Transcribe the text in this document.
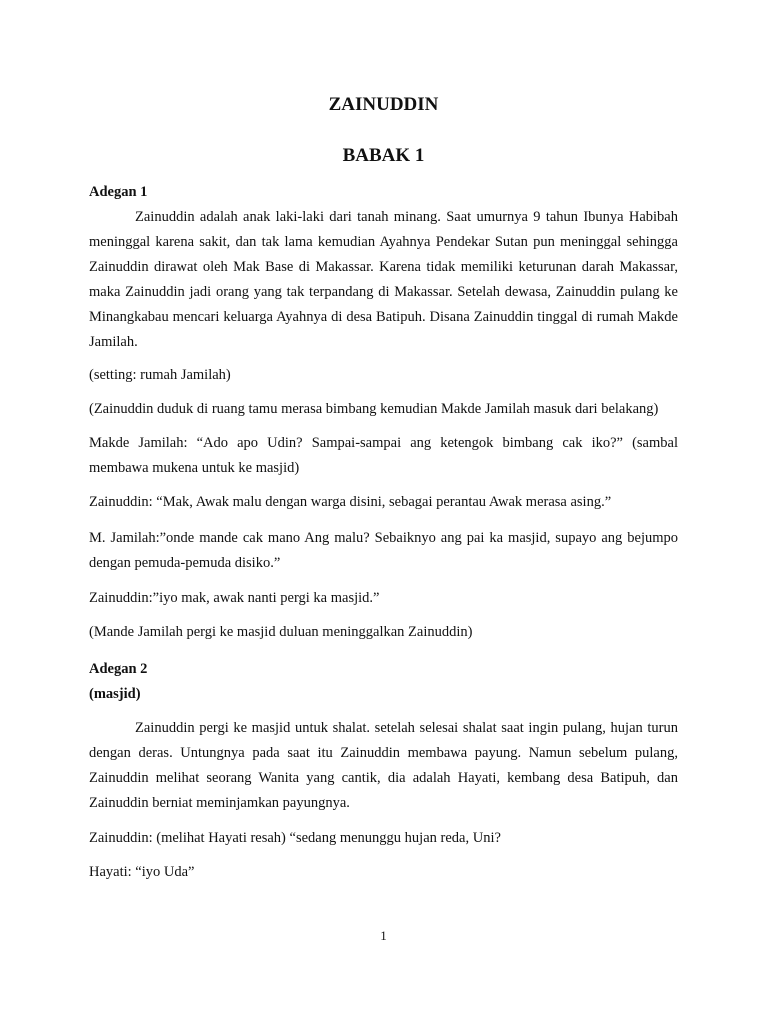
ZAINUDDIN
BABAK 1
Adegan 1

Zainuddin adalah anak laki-laki dari tanah minang. Saat umurnya 9 tahun Ibunya Habibah meninggal karena sakit, dan tak lama kemudian Ayahnya Pendekar Sutan pun meninggal sehingga Zainuddin dirawat oleh Mak Base di Makassar. Karena tidak memiliki keturunan darah Makassar, maka Zainuddin jadi orang yang tak terpandang di Makassar. Setelah dewasa, Zainuddin pulang ke Minangkabau mencari keluarga Ayahnya di desa Batipuh. Disana Zainuddin tinggal di rumah Makde Jamilah.

(setting: rumah Jamilah)

(Zainuddin duduk di ruang tamu merasa bimbang kemudian Makde Jamilah masuk dari belakang)

Makde Jamilah: “Ado apo Udin? Sampai-sampai ang ketengok bimbang cak iko?” (sambal membawa mukena untuk ke masjid)

Zainuddin: “Mak, Awak malu dengan warga disini, sebagai perantau Awak merasa asing.”

M. Jamilah:”onde mande cak mano Ang malu? Sebaiknyo ang pai ka masjid, supayo ang bejumpo dengan pemuda-pemuda disiko.”

Zainuddin:”iyo mak, awak nanti pergi ka masjid.”

(Mande Jamilah pergi ke masjid duluan meninggalkan Zainuddin)

Adegan 2
(masjid)

Zainuddin pergi ke masjid untuk shalat. setelah selesai shalat saat ingin pulang, hujan turun dengan deras. Untungnya pada saat itu Zainuddin membawa payung. Namun sebelum pulang, Zainuddin melihat seorang Wanita yang cantik, dia adalah Hayati, kembang desa Batipuh, dan Zainuddin berniat meminjamkan payungnya.

Zainuddin: (melihat Hayati resah) “sedang menunggu hujan reda, Uni?

Hayati: “iyo Uda”

1
